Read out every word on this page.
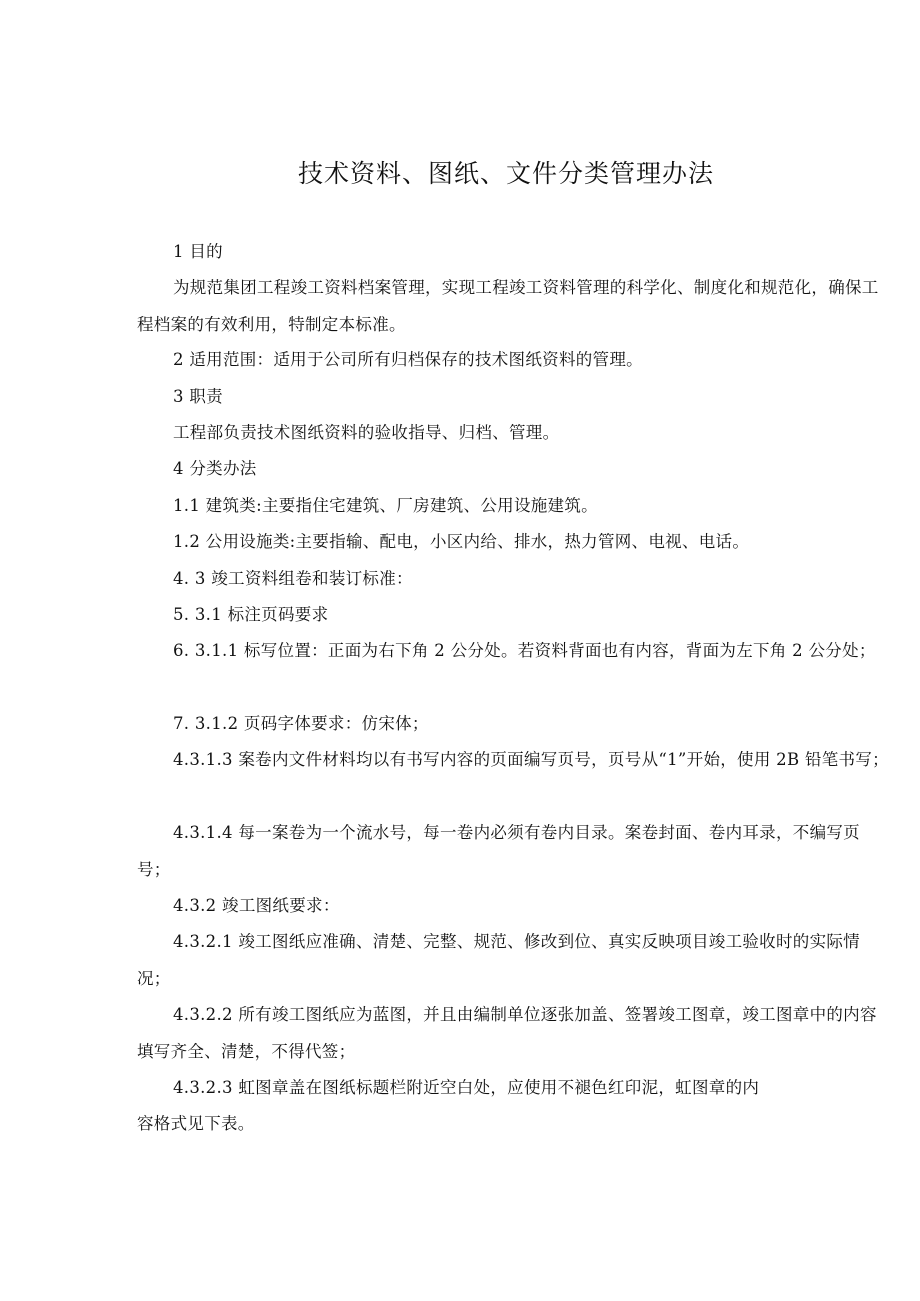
技术资料、图纸、文件分类管理办法
1 目的
为规范集团工程竣工资料档案管理，实现工程竣工资料管理的科学化、制度化和规范化，确保工程档案的有效利用，特制定本标准。
2 适用范围：适用于公司所有归档保存的技术图纸资料的管理。
3 职责
工程部负责技术图纸资料的验收指导、归档、管理。
4 分类办法
1.1 建筑类:主要指住宅建筑、厂房建筑、公用设施建筑。
1.2 公用设施类:主要指输、配电，小区内给、排水，热力管网、电视、电话。
4. 3 竣工资料组卷和装订标准：
5. 3.1 标注页码要求
6. 3.1.1 标写位置：正面为右下角 2 公分处。若资料背面也有内容，背面为左下角 2 公分处；
7. 3.1.2 页码字体要求：仿宋体；
4.3.1.3 案卷内文件材料均以有书写内容的页面编写页号，页号从“1”开始，使用 2B 铅笔书写；
4.3.1.4 每一案卷为一个流水号，每一卷内必须有卷内目录。案卷封面、卷内耳录，不编写页号；
4.3.2 竣工图纸要求：
4.3.2.1 竣工图纸应准确、清楚、完整、规范、修改到位、真实反映项目竣工验收时的实际情况；
4.3.2.2 所有竣工图纸应为蓝图，并且由编制单位逐张加盖、签署竣工图章，竣工图章中的内容填写齐全、清楚，不得代签；
4.3.2.3 虹图章盖在图纸标题栏附近空白处，应使用不褪色红印泥，虹图章的内
容格式见下表。
